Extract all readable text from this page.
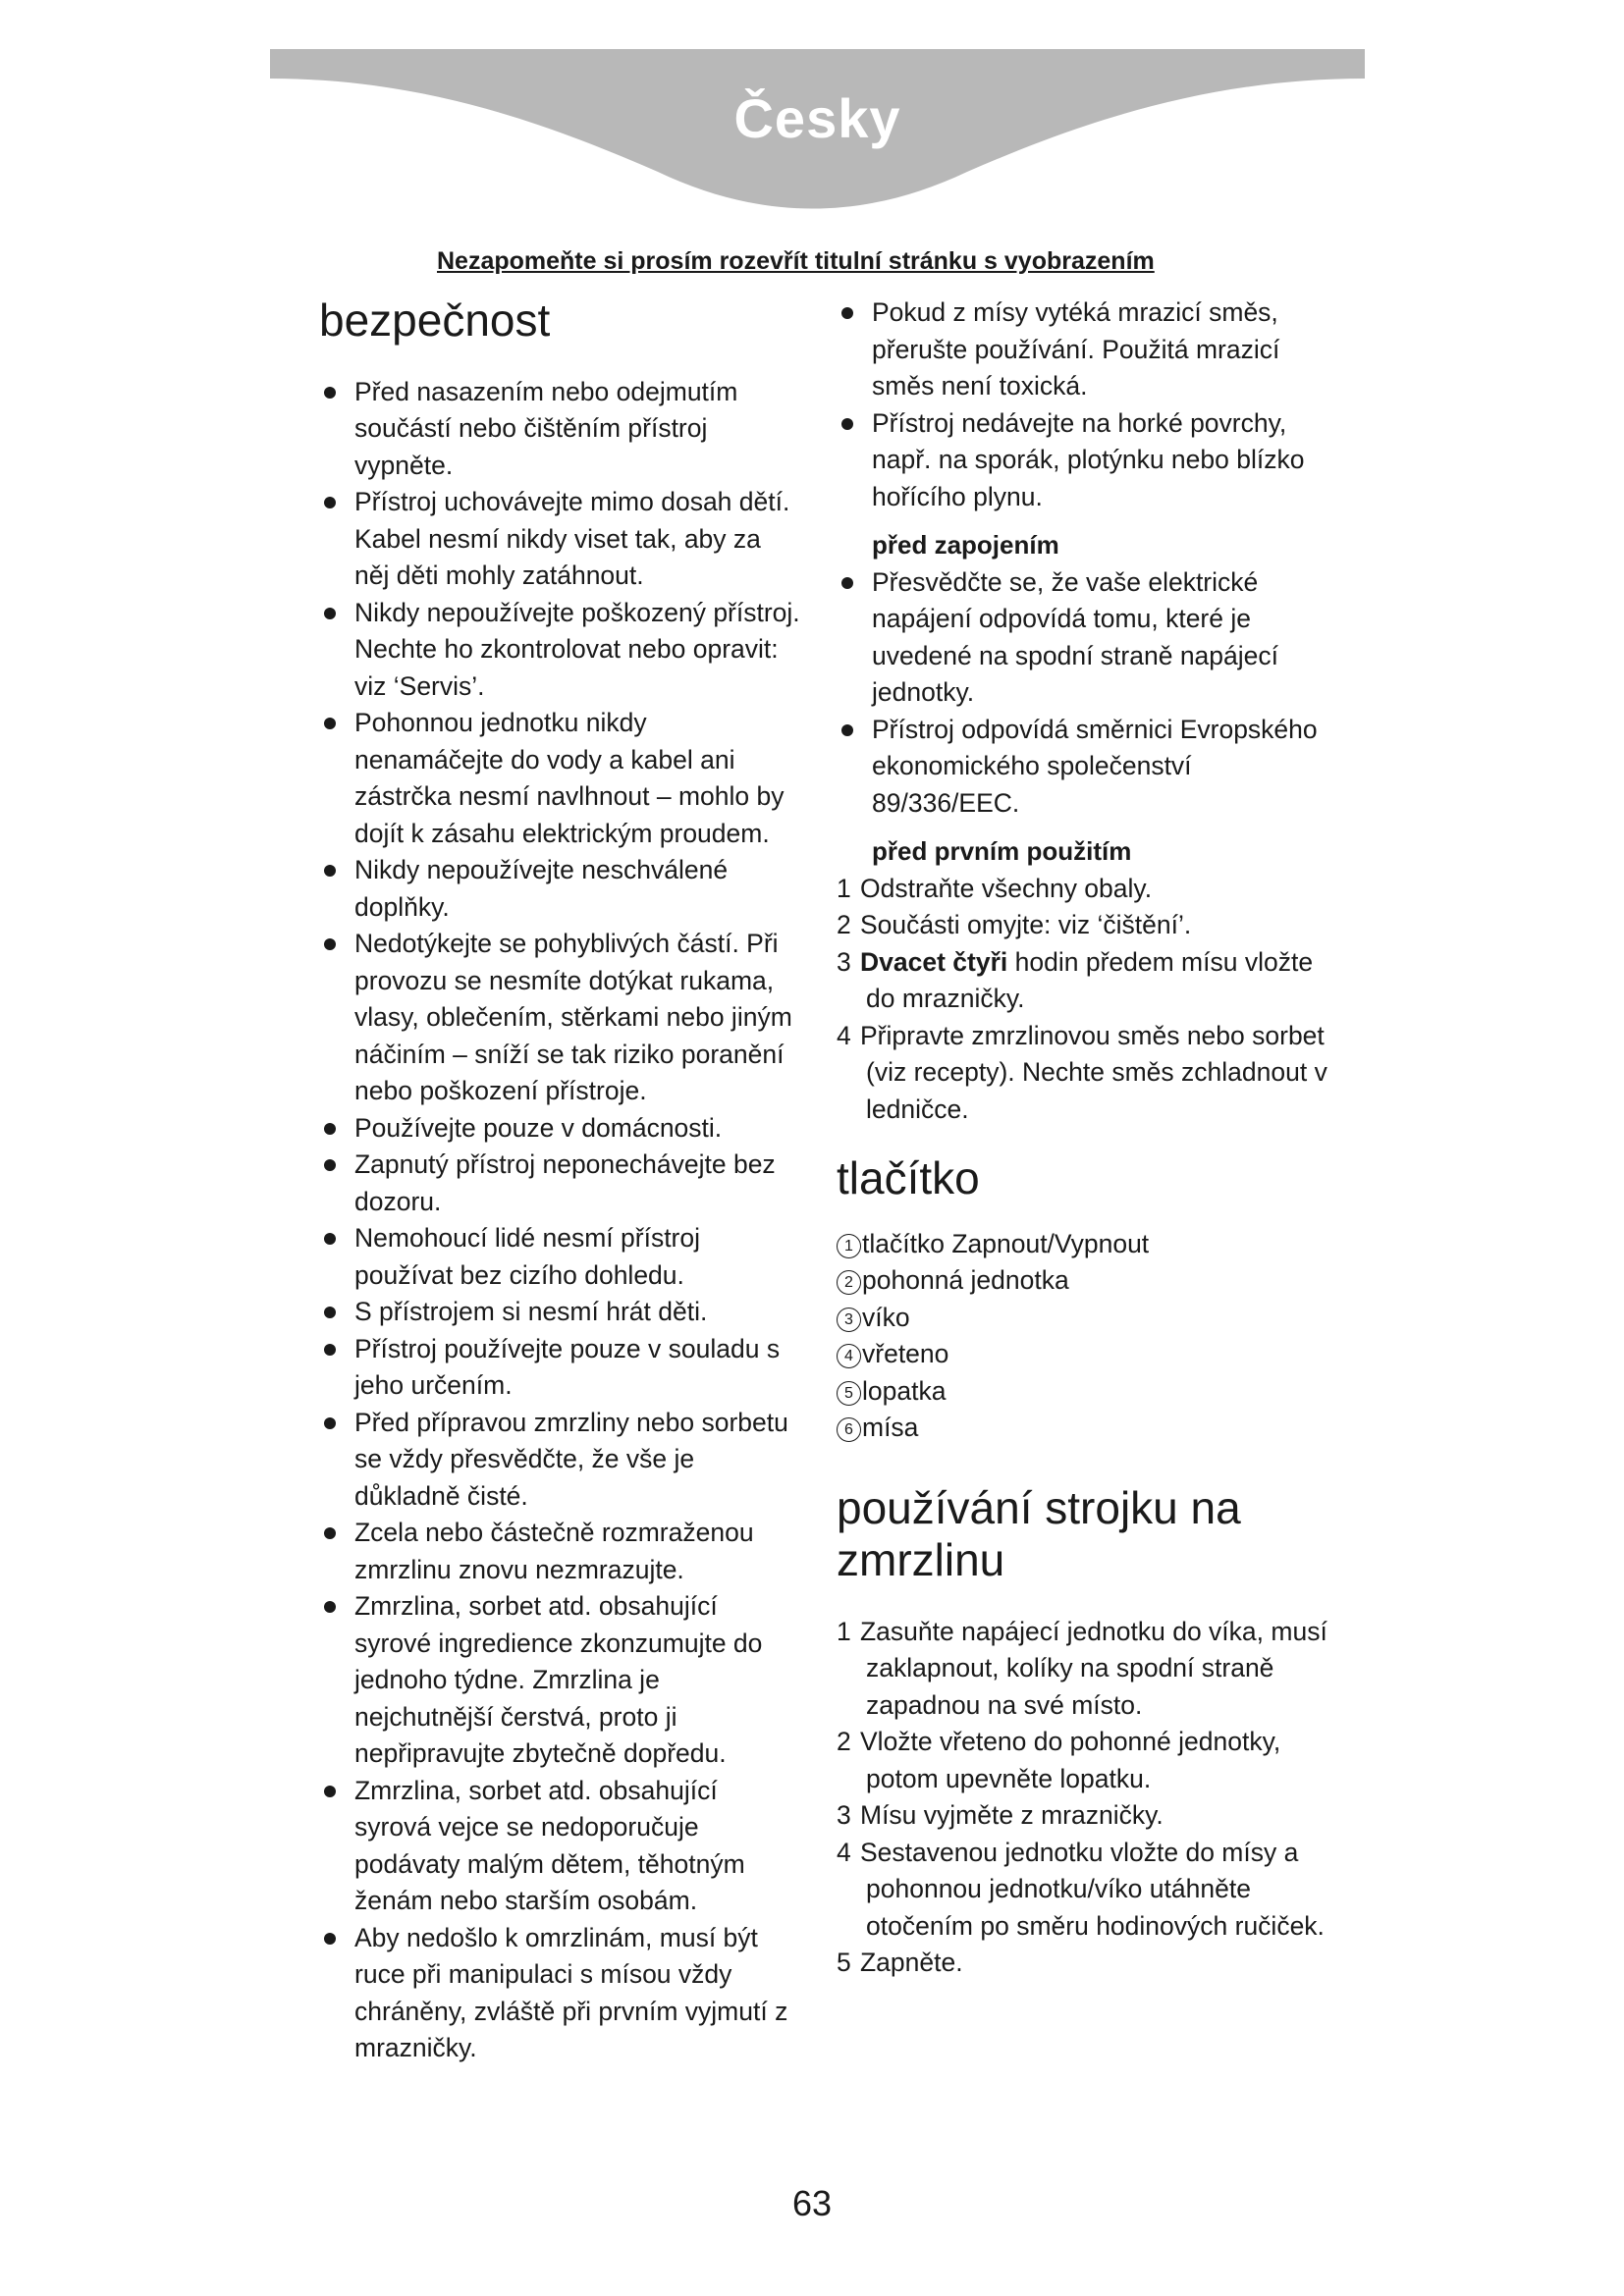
Česky
Nezapomeňte si prosím rozevřít titulní stránku s vyobrazením
bezpečnost
Před nasazením nebo odejmutím součástí nebo čištěním přístroj vypněte.
Přístroj uchovávejte mimo dosah dětí. Kabel nesmí nikdy viset tak, aby za něj děti mohly zatáhnout.
Nikdy nepoužívejte poškozený přístroj. Nechte ho zkontrolovat nebo opravit: viz ‘Servis’.
Pohonnou jednotku nikdy nenamáčejte do vody a kabel ani zástrčka nesmí navlhnout – mohlo by dojít k zásahu elektrickým proudem.
Nikdy nepoužívejte neschválené doplňky.
Nedotýkejte se pohyblivých částí. Při provozu se nesmíte dotýkat rukama, vlasy, oblečením, stěrkami nebo jiným náčiním – sníží se tak riziko poranění nebo poškození přístroje.
Používejte pouze v domácnosti.
Zapnutý přístroj neponechávejte bez dozoru.
Nemohoucí lidé nesmí přístroj používat bez cizího dohledu.
S přístrojem si nesmí hrát děti.
Přístroj používejte pouze v souladu s jeho určením.
Před přípravou zmrzliny nebo sorbetu se vždy přesvědčte, že vše je důkladně čisté.
Zcela nebo částečně rozmraženou zmrzlinu znovu nezmrazujte.
Zmrzlina, sorbet atd. obsahující syrové ingredience zkonzumujte do jednoho týdne. Zmrzlina je nejchutnější čerstvá, proto ji nepřipravujte zbytečně dopředu.
Zmrzlina, sorbet atd. obsahující syrová vejce se nedoporučuje podávaty malým dětem, těhotným ženám nebo starším osobám.
Aby nedošlo k omrzlinám, musí být ruce při manipulaci s mísou vždy chráněny, zvláště při prvním vyjmutí z mrazničky.
Pokud z mísy vytéká mrazicí směs, přerušte používání. Použitá mrazicí směs není toxická.
Přístroj nedávejte na horké povrchy, např. na sporák, plotýnku nebo blízko hořícího plynu.
před zapojením
Přesvědčte se, že vaše elektrické napájení odpovídá tomu, které je uvedené na spodní straně napájecí jednotky.
Přístroj odpovídá směrnici Evropského ekonomického společenství 89/336/EEC.
před prvním použitím
1 Odstraňte všechny obaly.
2 Součásti omyjte: viz ‘čištění’.
3 Dvacet čtyři hodin předem mísu vložte do mrazničky.
4 Připravte zmrzlinovou směs nebo sorbet (viz recepty). Nechte směs zchladnout v ledničce.
tlačítko
1 tlačítko Zapnout/Vypnout
2 pohonná jednotka
3 víko
4 vřeteno
5 lopatka
6 mísa
používání strojku na zmrzlinu
1 Zasuňte napájecí jednotku do víka, musí zaklapnout, kolíky na spodní straně zapadnou na své místo.
2 Vložte vřeteno do pohonné jednotky, potom upevněte lopatku.
3 Mísu vyjměte z mrazničky.
4 Sestavenou jednotku vložte do mísy a pohonnou jednotku/víko utáhněte otočením po směru hodinových ručiček.
5 Zapněte.
63
